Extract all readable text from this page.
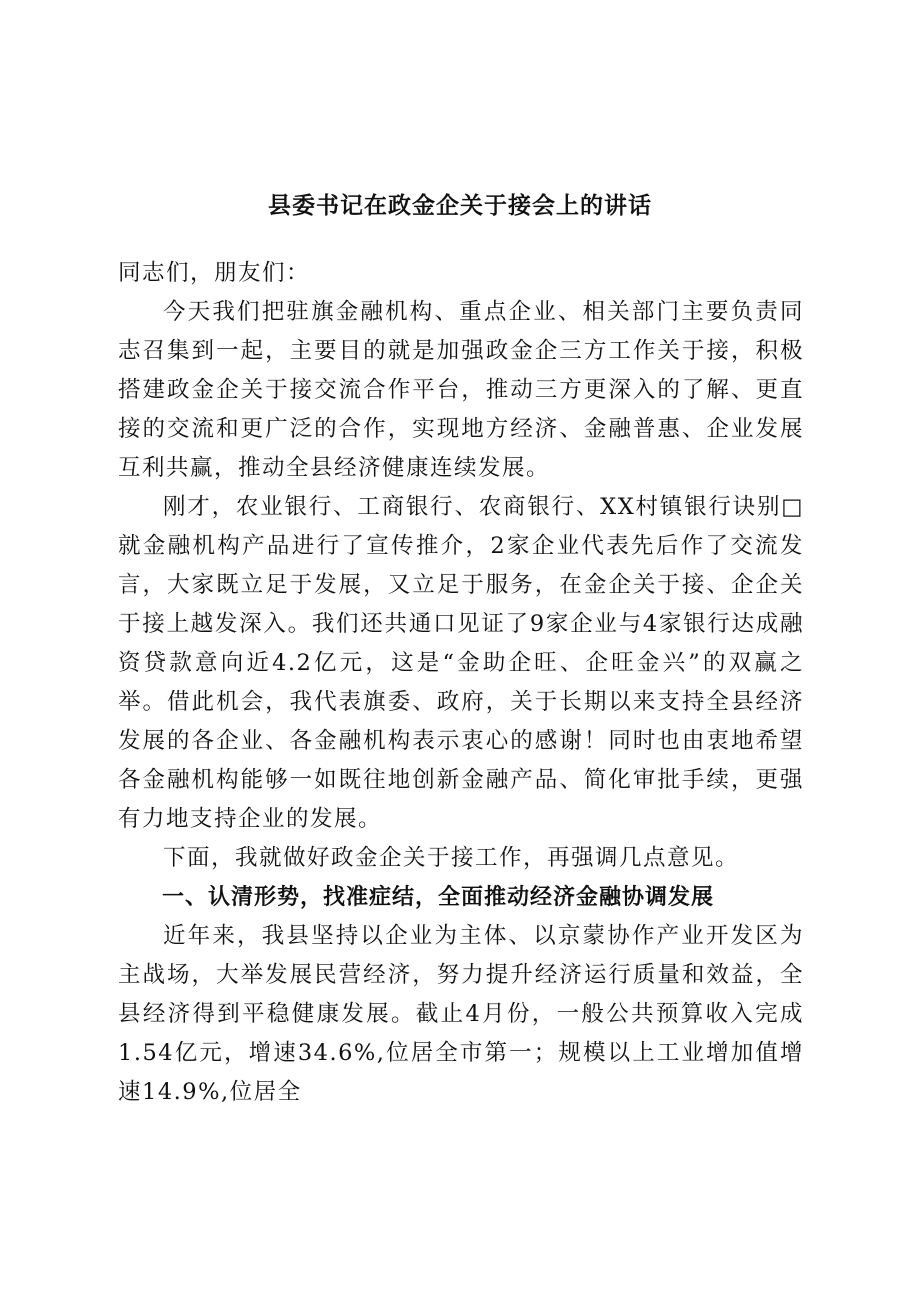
县委书记在政金企关于接会上的讲话

同志们，朋友们：

今天我们把驻旗金融机构、重点企业、相关部门主要负责同志召集到一起，主要目的就是加强政金企三方工作关于接，积极搭建政金企关于接交流合作平台，推动三方更深入的了解、更直接的交流和更广泛的合作，实现地方经济、金融普惠、企业发展互利共赢，推动全县经济健康连续发展。

刚才，农业银行、工商银行、农商银行、XX村镇银行诀别□就金融机构产品进行了宣传推介，2家企业代表先后作了交流发言，大家既立足于发展，又立足于服务，在金企关于接、企企关于接上越发深入。我们还共通口见证了9家企业与4家银行达成融资贷款意向近4.2亿元，这是“金助企旺、企旺金兴”的双赢之举。借此机会，我代表旗委、政府，关于长期以来支持全县经济发展的各企业、各金融机构表示衷心的感谢！同时也由衷地希望各金融机构能够一如既往地创新金融产品、简化审批手续，更强有力地支持企业的发展。

下面，我就做好政金企关于接工作，再强调几点意见。

一、认清形势，找准症结，全面推动经济金融协调发展

近年来，我县坚持以企业为主体、以京蒙协作产业开发区为主战场，大举发展民营经济，努力提升经济运行质量和效益，全县经济得到平稳健康发展。截止4月份，一般公共预算收入完成1.54亿元，增速34.6%,位居全市第一；规模以上工业增加值增速14.9%,位居全
